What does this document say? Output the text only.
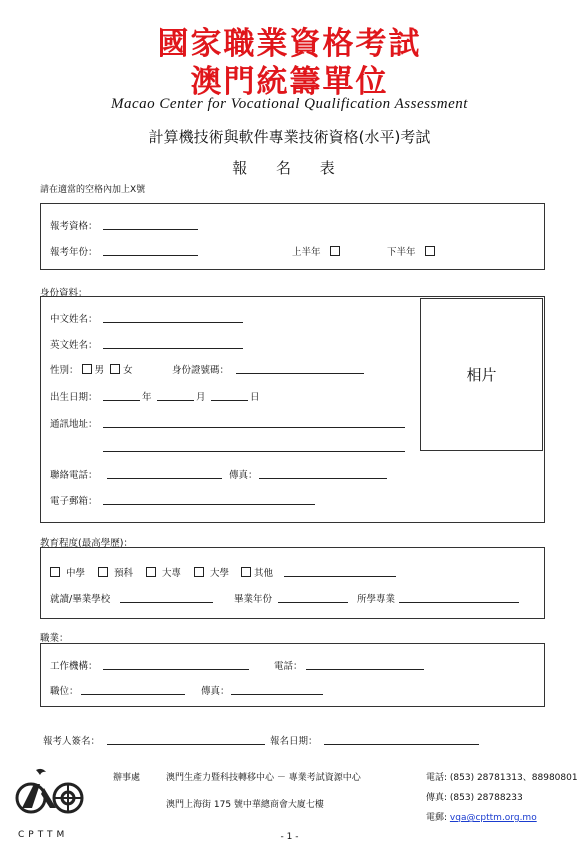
國家職業資格考試
澳門統籌單位
Macao Center for Vocational Qualification Assessment
計算機技術與軟件專業技術資格(水平)考試
報 名 表
請在適當的空格內加上X號
報考資格：
報考年份：	上半年	下半年
身份資料：
相片
中文姓名：
英文姓名：
性別： 男 女	身份證號碼：
出生日期：	年	月	日
通訊地址：
聯絡電話：	傳真：
電子郵箱：
教育程度(最高學歷)：
中學	預科	大專	大學	其他
就讀/畢業學校	畢業年份	所學專業
職業：
工作機構：	電話：
職位：	傳真：
報考人簽名：	報名日期：
CPTTM
辦事處	澳門生產力暨科技轉移中心 － 專業考試資源中心
澳門上海街 175 號中華總商會大廈七樓
電話: (853) 28781313、88980801
傳真: (853) 28788233
電郵: vqa@cpttm.org.mo
- 1 -
